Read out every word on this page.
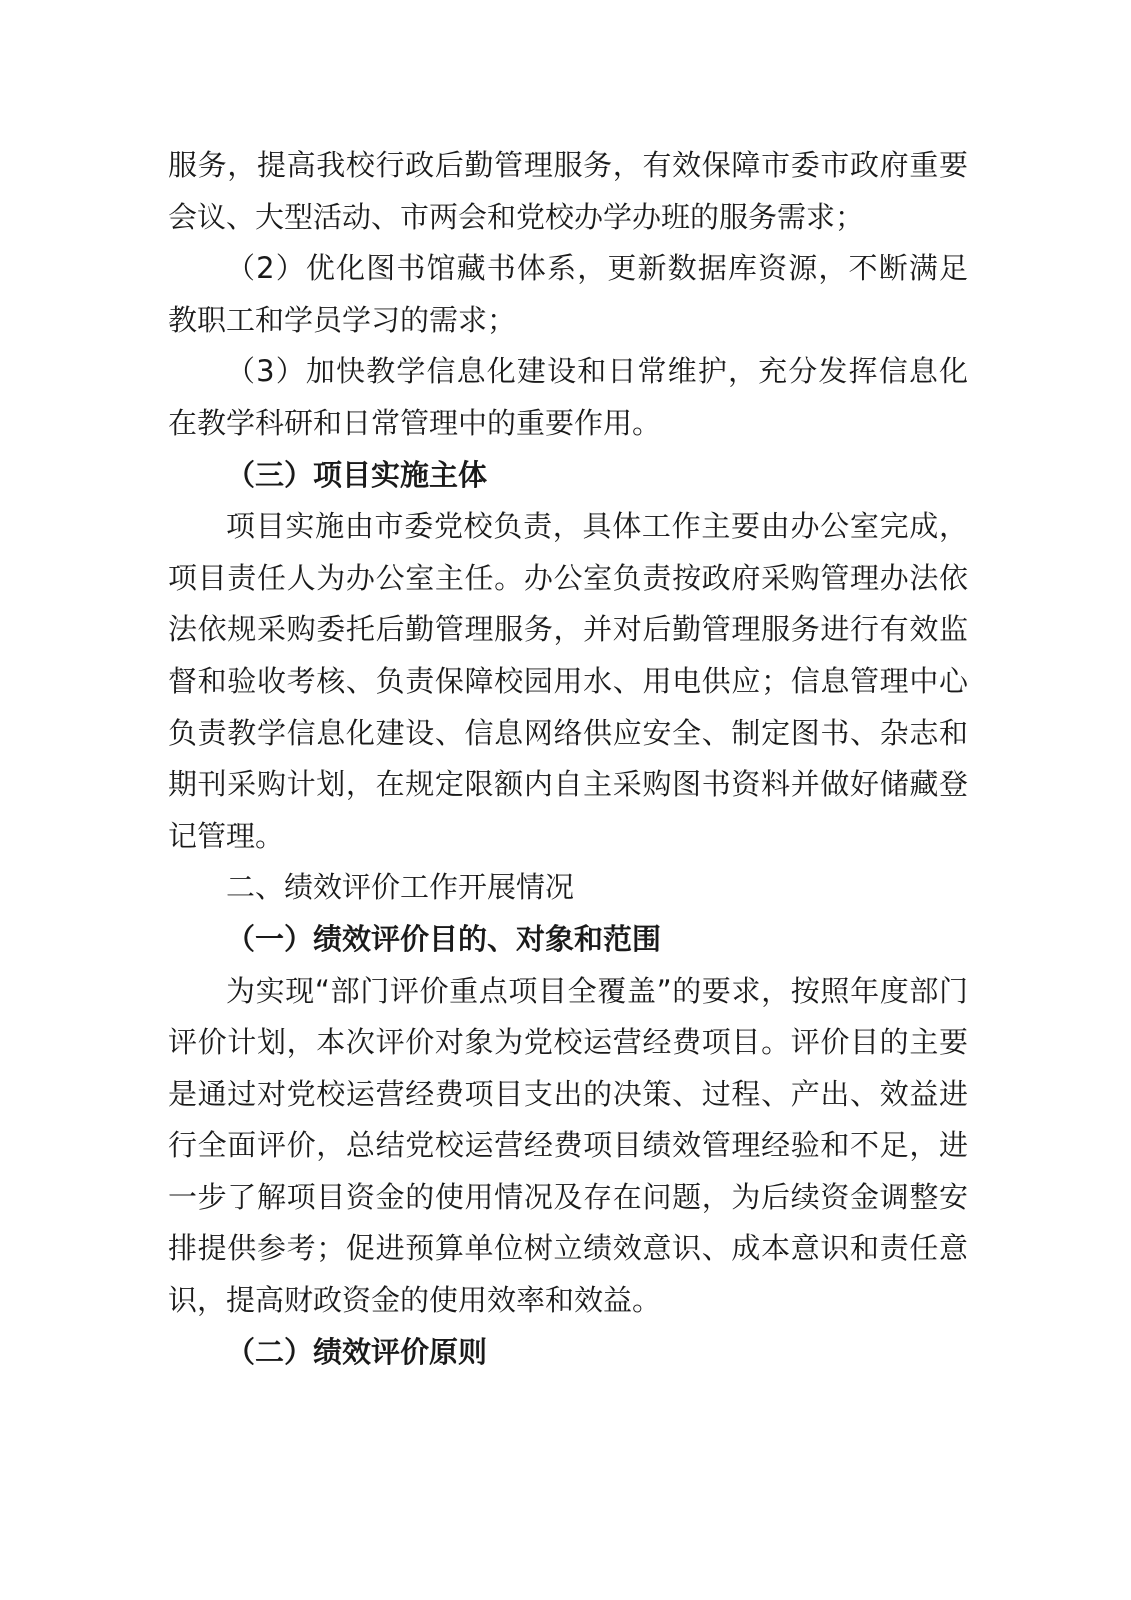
服务，提高我校行政后勤管理服务，有效保障市委市政府重要会议、大型活动、市两会和党校办学办班的服务需求；

（2）优化图书馆藏书体系，更新数据库资源，不断满足教职工和学员学习的需求；

（3）加快教学信息化建设和日常维护，充分发挥信息化在教学科研和日常管理中的重要作用。

（三）项目实施主体

项目实施由市委党校负责，具体工作主要由办公室完成，项目责任人为办公室主任。办公室负责按政府采购管理办法依法依规采购委托后勤管理服务，并对后勤管理服务进行有效监督和验收考核、负责保障校园用水、用电供应；信息管理中心负责教学信息化建设、信息网络供应安全、制定图书、杂志和期刊采购计划，在规定限额内自主采购图书资料并做好储藏登记管理。

二、绩效评价工作开展情况

（一）绩效评价目的、对象和范围

为实现“部门评价重点项目全覆盖”的要求，按照年度部门评价计划，本次评价对象为党校运营经费项目。评价目的主要是通过对党校运营经费项目支出的决策、过程、产出、效益进行全面评价，总结党校运营经费项目绩效管理经验和不足，进一步了解项目资金的使用情况及存在问题，为后续资金调整安排提供参考；促进预算单位树立绩效意识、成本意识和责任意识，提高财政资金的使用效率和效益。

（二）绩效评价原则
